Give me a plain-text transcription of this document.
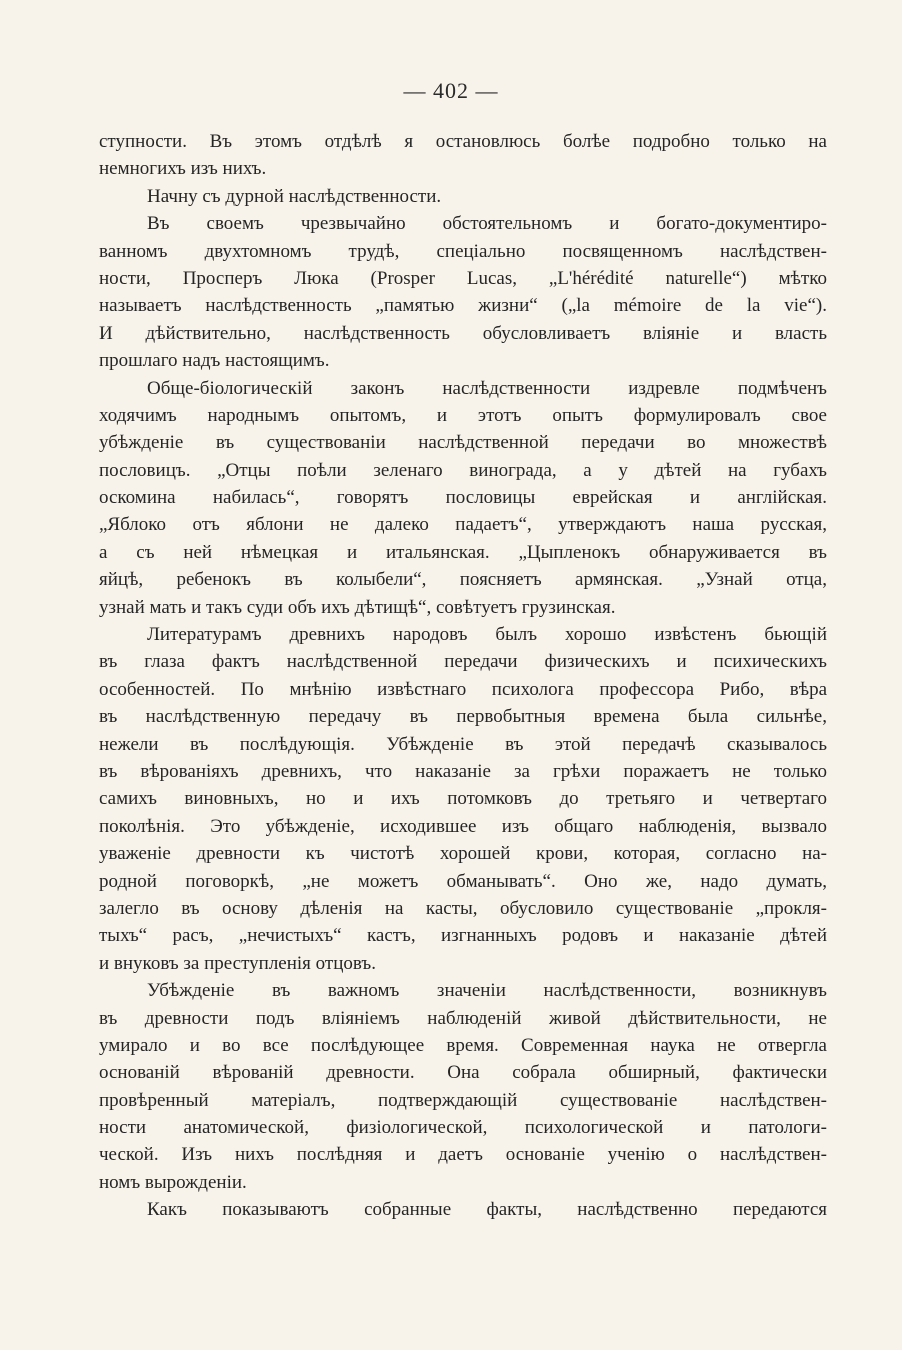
— 402 —
ступности. Въ этомъ отдѣлѣ я остановлюсь болѣе подробно только на
немногихъ изъ нихъ.
Начну съ дурной наслѣдственности.
Въ своемъ чрезвычайно обстоятельномъ и богато-документиро-
ванномъ двухтомномъ трудѣ, спеціально посвященномъ наслѣдствен-
ности, Просперъ Люка (Prosper Lucas, „L'hérédité naturelle“) мѣтко
называетъ наслѣдственность „памятью жизни“ („la mémoire de la vie“).
И дѣйствительно, наслѣдственность обусловливаетъ вліяніе и власть
прошлаго надъ настоящимъ.
Обще-біологическій законъ наслѣдственности издревле подмѣченъ
ходячимъ народнымъ опытомъ, и этотъ опытъ формулировалъ свое
убѣжденіе въ существованіи наслѣдственной передачи во множествѣ
пословицъ. „Отцы поѣли зеленаго винограда, а у дѣтей на губахъ
оскомина набилась“, говорятъ пословицы еврейская и англійская.
„Яблоко отъ яблони не далеко падаетъ“, утверждаютъ наша русская,
а съ ней нѣмецкая и итальянская. „Цыпленокъ обнаруживается въ
яйцѣ, ребенокъ въ колыбели“, поясняетъ армянская. „Узнай отца,
узнай мать и такъ суди объ ихъ дѣтищѣ“, совѣтуетъ грузинская.
Литературамъ древнихъ народовъ былъ хорошо извѣстенъ бьющій
въ глаза фактъ наслѣдственной передачи физическихъ и психическихъ
особенностей. По мнѣнію извѣстнаго психолога профессора Рибо, вѣра
въ наслѣдственную передачу въ первобытныя времена была сильнѣе,
нежели въ послѣдующія. Убѣжденіе въ этой передачѣ сказывалось
въ вѣрованіяхъ древнихъ, что наказаніе за грѣхи поражаетъ не только
самихъ виновныхъ, но и ихъ потомковъ до третьяго и четвертаго
поколѣнія. Это убѣжденіе, исходившее изъ общаго наблюденія, вызвало
уваженіе древности къ чистотѣ хорошей крови, которая, согласно на-
родной поговоркѣ, „не можетъ обманывать“. Оно же, надо думать,
залегло въ основу дѣленія на касты, обусловило существованіе „прокля-
тыхъ“ расъ, „нечистыхъ“ кастъ, изгнанныхъ родовъ и наказаніе дѣтей
и внуковъ за преступленія отцовъ.
Убѣжденіе въ важномъ значеніи наслѣдственности, возникнувъ
въ древности подъ вліяніемъ наблюденій живой дѣйствительности, не
умирало и во все послѣдующее время. Современная наука не отвергла
основаній вѣрованій древности. Она собрала обширный, фактически
провѣренный матеріалъ, подтверждающій существованіе наслѣдствен-
ности анатомической, физіологической, психологической и патологи-
ческой. Изъ нихъ послѣдняя и даетъ основаніе ученію о наслѣдствен-
номъ вырожденіи.
Какъ показываютъ собранные факты, наслѣдственно передаются
